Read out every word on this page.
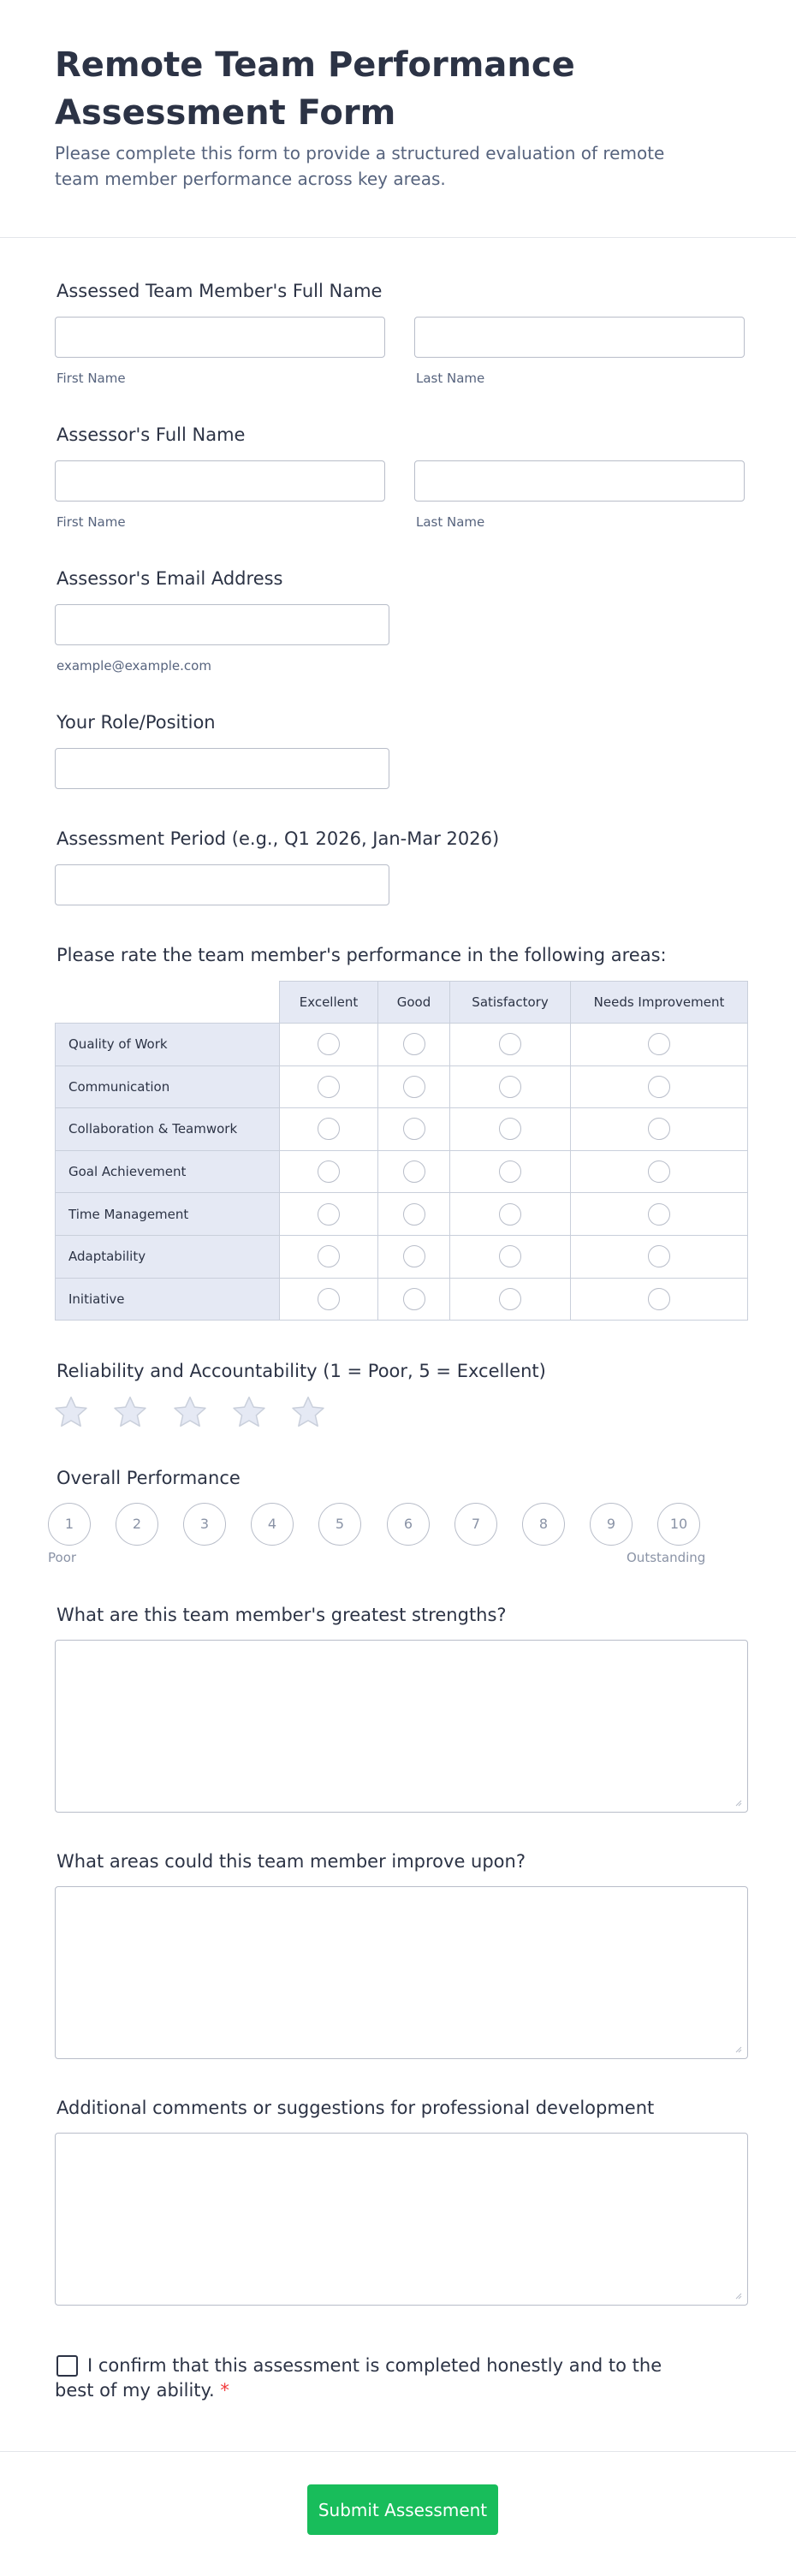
Remote Team Performance Assessment Form
Please complete this form to provide a structured evaluation of remote team member performance across key areas.
Assessed Team Member's Full Name
First Name	Last Name
Assessor's Full Name
First Name	Last Name
Assessor's Email Address
example@example.com
Your Role/Position
Assessment Period (e.g., Q1 2026, Jan-Mar 2026)
Please rate the team member's performance in the following areas:
	Excellent	Good	Satisfactory	Needs Improvement
Quality of Work				
Communication				
Collaboration & Teamwork				
Goal Achievement				
Time Management				
Adaptability				
Initiative				
Reliability and Accountability (1 = Poor, 5 = Excellent)
Overall Performance
1	2	3	4	5	6	7	8	9	10
Poor	Outstanding
What are this team member's greatest strengths?
What areas could this team member improve upon?
Additional comments or suggestions for professional development
I confirm that this assessment is completed honestly and to the best of my ability. *
Submit Assessment
